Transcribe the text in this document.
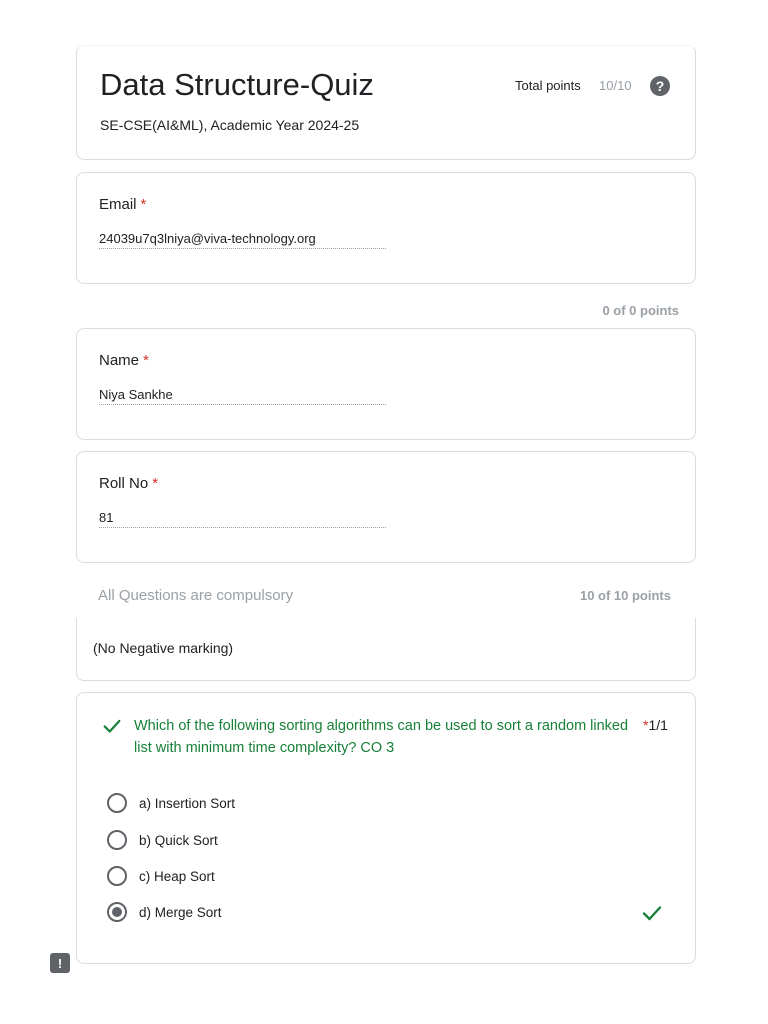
Data Structure-Quiz
SE-CSE(AI&ML), Academic Year 2024-25
Total points 10/10	?
Email *
24039u7q3lniya@viva-technology.org
0 of 0 points
Name *
Niya Sankhe
Roll No *
81
All Questions are compulsory	10 of 10 points
(No Negative marking)
Which of the following sorting algorithms can be used to sort a random linked list with minimum time complexity? CO 3
*1/1
a) Insertion Sort
b) Quick Sort
c) Heap Sort
d) Merge Sort
!
